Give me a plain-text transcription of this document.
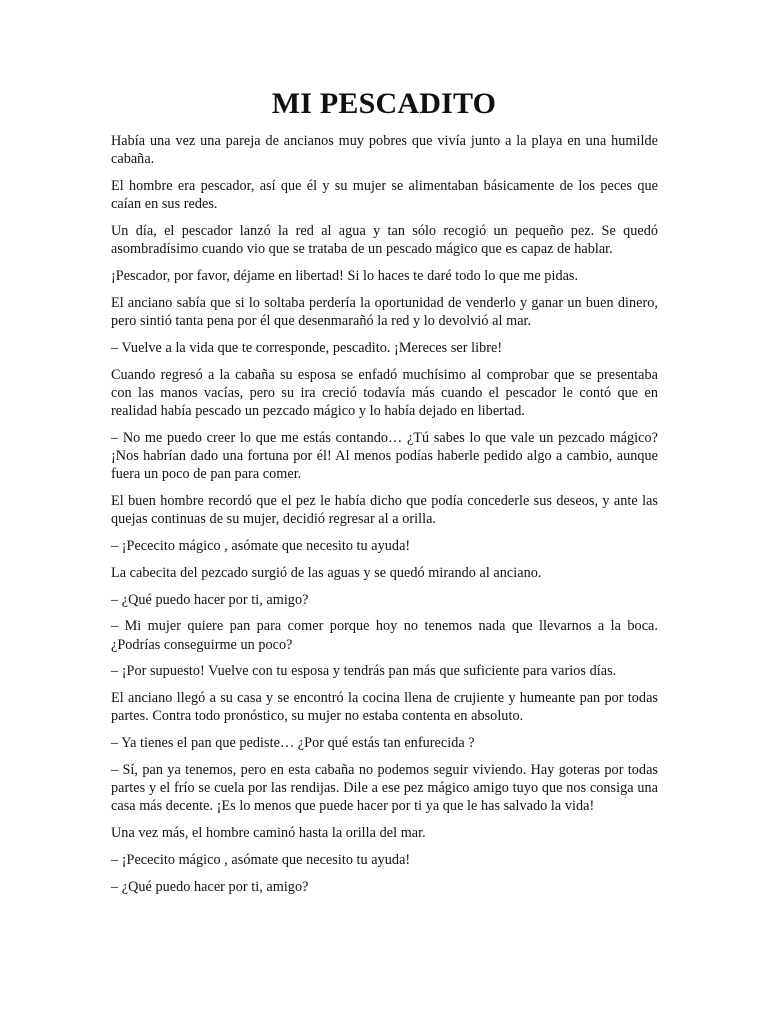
MI PESCADITO

Había una vez una pareja de ancianos muy pobres que vivía junto a la playa en una humilde cabaña.

El hombre era pescador, así que él y su mujer se alimentaban básicamente de los peces que caían en sus redes.

Un día, el pescador lanzó la red al agua y tan sólo recogió un pequeño pez. Se quedó asombradísimo cuando vio que se trataba de un pescado mágico que es capaz de hablar.

¡Pescador, por favor, déjame en libertad! Si lo haces te daré todo lo que me pidas.

El anciano sabía que si lo soltaba perdería la oportunidad de venderlo y ganar un buen dinero, pero sintió tanta pena por él que desenmarañó la red y lo devolvió al mar.

– Vuelve a la vida que te corresponde, pescadito. ¡Mereces ser libre!

Cuando regresó a la cabaña su esposa se enfadó muchísimo al comprobar que se presentaba con las manos vacías, pero su ira creció todavía más cuando el pescador le contó que en realidad había pescado un pezcado mágico y lo había dejado en libertad.

– No me puedo creer lo que me estás contando… ¿Tú sabes lo que vale un pezcado mágico? ¡Nos habrían dado una fortuna por él! Al menos podías haberle pedido algo a cambio, aunque fuera un poco de pan para comer.

El buen hombre recordó que el pez le había dicho que podía concederle sus deseos, y ante las quejas continuas de su mujer, decidió regresar al a orilla.

– ¡Pececito mágico , asómate que necesito tu ayuda!

La cabecita del pezcado surgió de las aguas y se quedó mirando al anciano.

– ¿Qué puedo hacer por ti, amigo?

– Mi mujer quiere pan para comer porque hoy no tenemos nada que llevarnos a la boca. ¿Podrías conseguirme un poco?

– ¡Por supuesto! Vuelve con tu esposa y tendrás pan más que suficiente para varios días.

El anciano llegó a su casa y se encontró la cocina llena de crujiente y humeante pan por todas partes. Contra todo pronóstico, su mujer no estaba contenta en absoluto.

– Ya tienes el pan que pediste… ¿Por qué estás tan enfurecida ?

– Sí, pan ya tenemos, pero en esta cabaña no podemos seguir viviendo. Hay goteras por todas partes y el frío se cuela por las rendijas. Dile a ese pez mágico amigo tuyo que nos consiga una casa más decente. ¡Es lo menos que puede hacer por ti ya que le has salvado la vida!

Una vez más, el hombre caminó hasta la orilla del mar.

– ¡Pececito mágico , asómate que necesito tu ayuda!

– ¿Qué puedo hacer por ti, amigo?
